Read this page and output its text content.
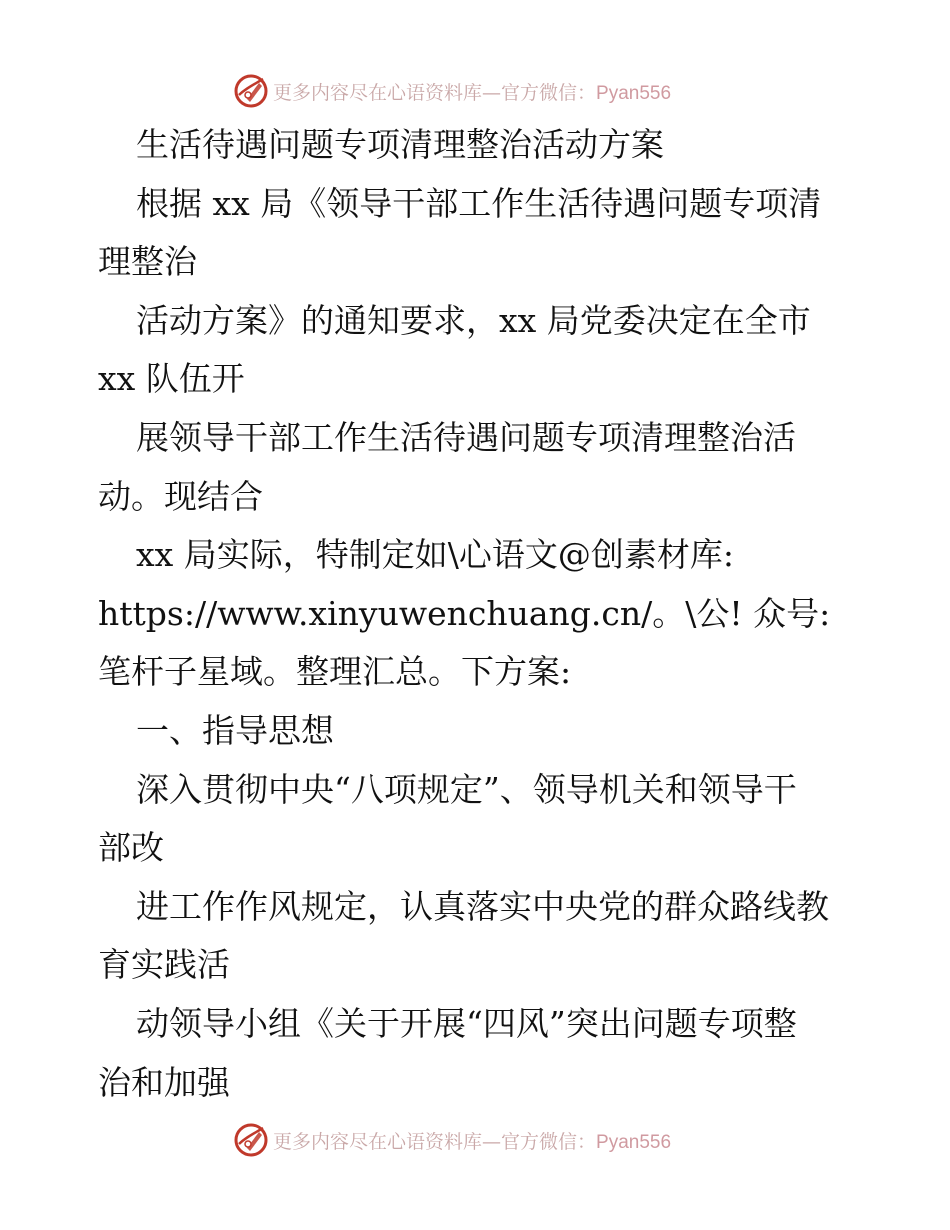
更多内容尽在心语资料库—官方微信：Pyan556
生活待遇问题专项清理整治活动方案
根据 xx 局《领导干部工作生活待遇问题专项清
理整治
活动方案》的通知要求，xx 局党委决定在全市
xx 队伍开
展领导干部工作生活待遇问题专项清理整治活
动。现结合
xx 局实际，特制定如\心语文@创素材库:
https://www.xinyuwenchuang.cn/。\公! 众号:
笔杆子星域。整理汇总。下方案:
一、指导思想
深入贯彻中央“八项规定”、领导机关和领导干
部改
进工作作风规定，认真落实中央党的群众路线教
育实践活
动领导小组《关于开展“四风”突出问题专项整
治和加强
更多内容尽在心语资料库—官方微信：Pyan556
